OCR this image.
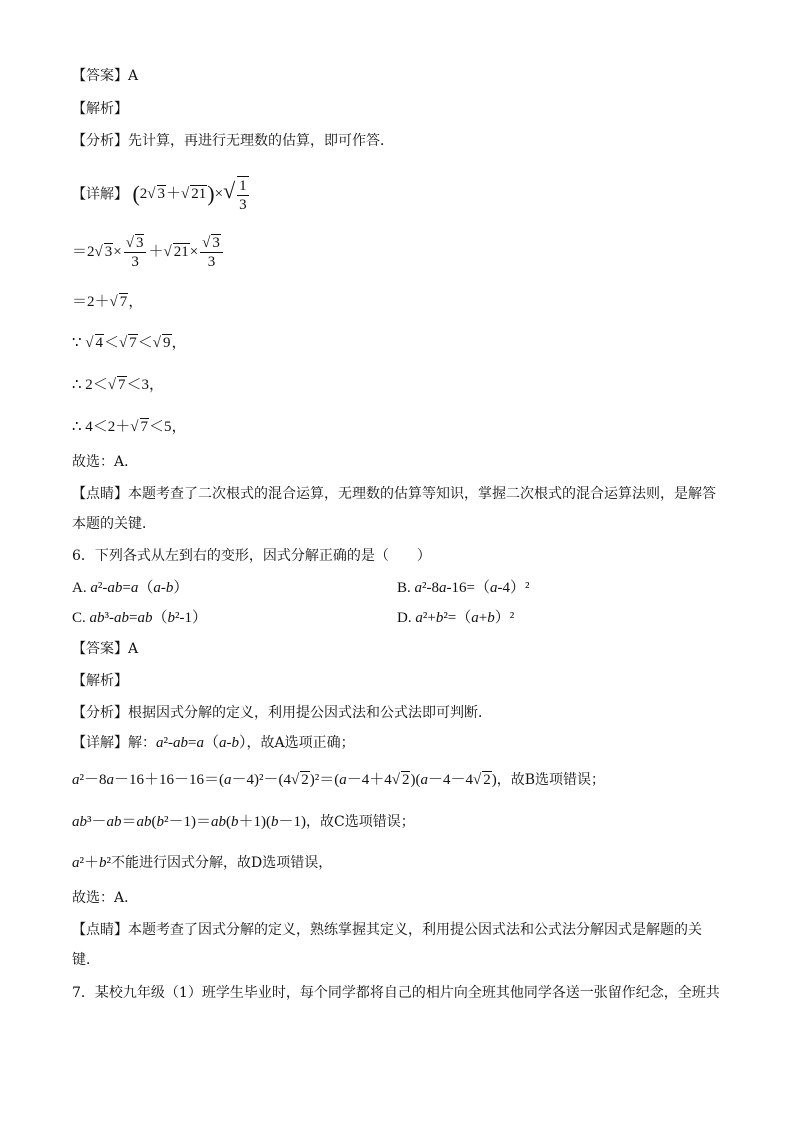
【答案】A
【解析】
【分析】先计算，再进行无理数的估算，即可作答．
【详解】 (2√ 3＋√ $21)\times√ \frac{1}{3}$
＝2√ $3\times \frac{√ 3}{3}$ ＋√ $21\times \frac{√ 3}{3}$
＝2＋√ 7，
∵ √ 4＜√ 7＜√ 9，
∴ 2＜√ 7＜3，
∴ 4＜2＋√ 7＜5，
故选：A．
【点睛】本题考查了二次根式的混合运算，无理数的估算等知识，掌握二次根式的混合运算法则，是解答
本题的关键．
6．下列各式从左到右的变形，因式分解正确的是（　　）
A. a²-ab=a（a-b）	B. a²-8a-16=（a-4）²
C. ab³-ab=ab（b²-1）	D. a²+b²=（a+b）²
【答案】A
【解析】
【分析】根据因式分解的定义，利用提公因式法和公式法即可判断．
【详解】解：a²-ab=a（a-b），故A选项正确；
a²－8a－16＋16－16＝(a－4)²－(4√ 2)²＝(a－4＋4√ 2)(a－4－4√ 2)，故B选项错误；
ab³－ab＝ab(b²－1)＝ab(b＋1)(b－1)，故C选项错误；
a²＋b²不能进行因式分解，故D选项错误，
故选：A．
【点睛】本题考查了因式分解的定义，熟练掌握其定义，利用提公因式法和公式法分解因式是解题的关
键．
7．某校九年级（1）班学生毕业时，每个同学都将自己的相片向全班其他同学各送一张留作纪念，全班共
